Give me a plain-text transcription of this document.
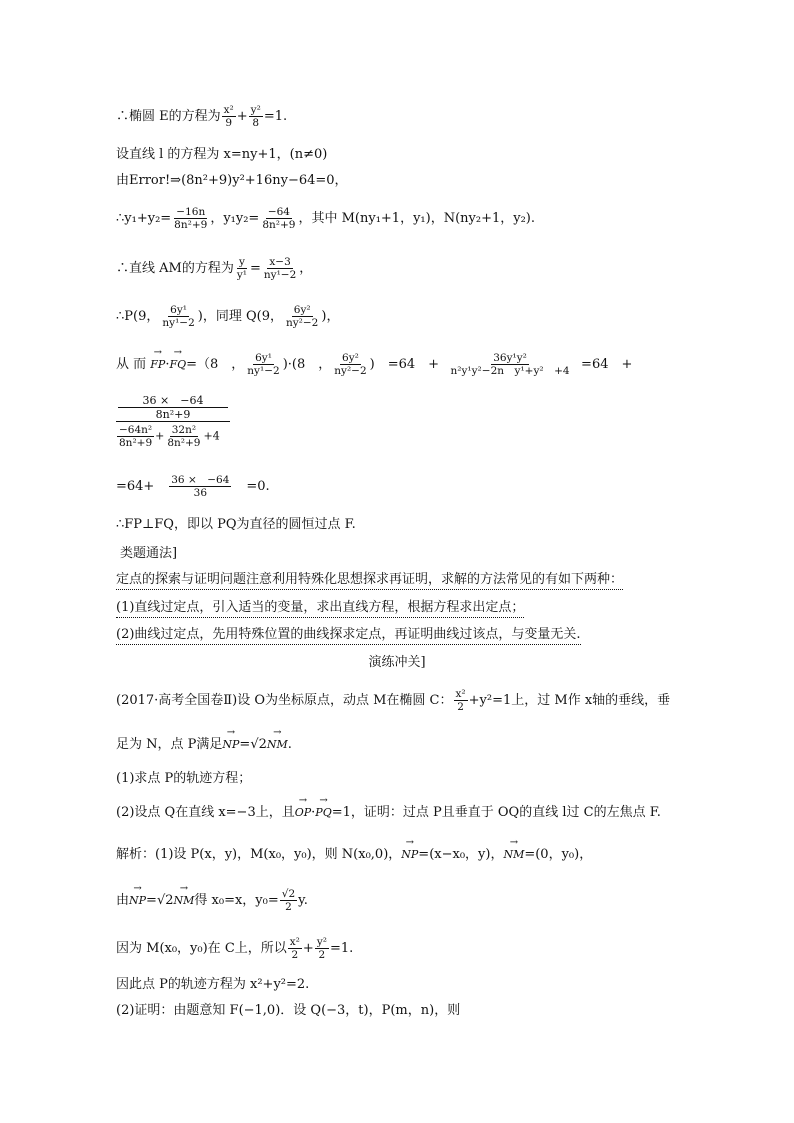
∴椭圆 E的方程为 $\frac{\text{x²}}{9} + \frac{\text{y²}}{8} =1$.
设直线 l 的方程为 x=ny+1，(n≠0)
由Error!⇒(8n²+9)y²+16ny−64=0，
∴y₁+y₂= $\frac{-16n}{\text{8n²+9}}$ ，$y_1y_2= \frac{-64}{\text{8n²+9}}$ ，其中 M(ny₁+1，y₁)，N(ny₂+1，y₂).
∴直线 AM的方程为 $\frac{y}{\text{y¹}} = \frac{x-3}{\text{ny¹−2}}$ ，
∴P(9， $\frac{\text{6y¹}}{\text{ny¹−2}}$ )，同理 Q(9， $\frac{\text{6y²}}{\text{ny²−2}}$ )，
从 而 → FP·→ FQ=（8　， $\frac{\text{6y¹}}{\text{ny¹−2}} )\cdot(8$　， $\frac{\text{6y²}}{\text{ny²−2}}$ )　=64　+ $\frac{\text{36y¹y²}}{\text{n²y¹y²−2n　y¹+y²　+4}} =64$　+
$\frac{\frac{36 \times -64}{\text{8n²+9}}}{\frac{\text{−64n²}}{\text{8n²+9}} + \frac{\text{32n²}}{\text{8n²+9}} +4}$
$=64+ \frac{36 \times -64}{36} =0$.
∴FP⊥FQ，即以 PQ为直径的圆恒过点 F.
类题通法]
定点的探索与证明问题注意利用特殊化思想探求再证明，求解的方法常见的有如下两种：
(1)直线过定点，引入适当的变量，求出直线方程，根据方程求出定点；
(2)曲线过定点，先用特殊位置的曲线探求定点，再证明曲线过该点，与变量无关.
演练冲关]
(2017·高考全国卷Ⅱ)设 O为坐标原点，动点 M在椭圆 C： $\frac{\text{x²}}{2} +y^2=1$上，过 M作 x轴的垂线，垂
足为 N，点 P满足→ NP=√2→ NM.
(1)求点 P的轨迹方程；
(2)设点 Q在直线 x=−3上，且→ OP·→ PQ=1，证明：过点 P且垂直于 OQ的直线 l过 C的左焦点 F.
解析：(1)设 P(x，y)，M(x₀，y₀)，则 N(x₀,0)，→ NP=(x−x₀，y)，→ NM=(0，y₀)，
由→ NP=√2→ NM得 x₀=x，$y_0= \frac{√2}{2} y$.
因为 M(x₀，y₀)在 C上，所以 $\frac{\text{x²}}{2} + \frac{\text{y²}}{2} =1$.
因此点 P的轨迹方程为 x²+y²=2.
(2)证明：由题意知 F(−1,0)．设 Q(−3，t)，P(m，n)，则
